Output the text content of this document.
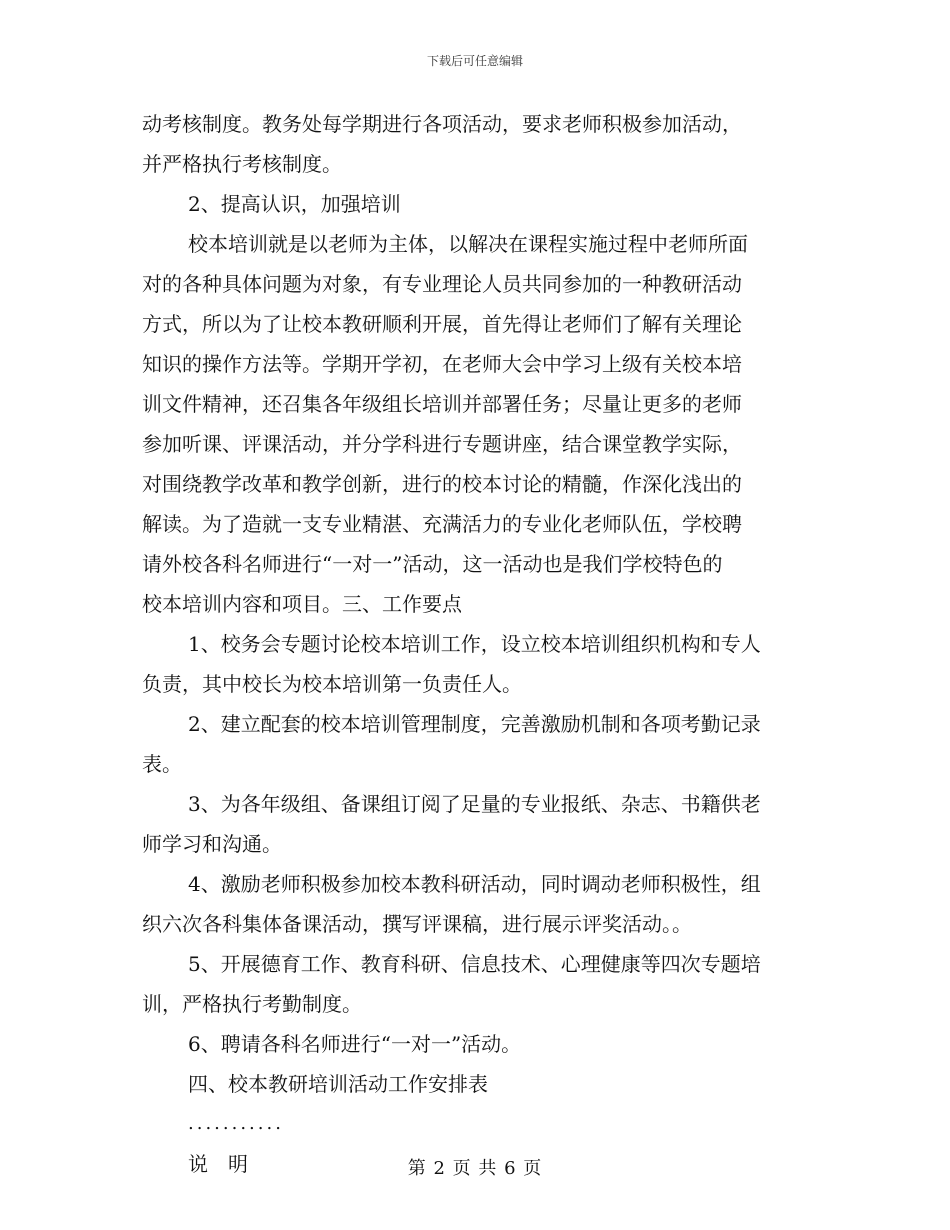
下载后可任意编辑
动考核制度。教务处每学期进行各项活动，要求老师积极参加活动，
并严格执行考核制度。
2、提高认识，加强培训
校本培训就是以老师为主体，以解决在课程实施过程中老师所面
对的各种具体问题为对象，有专业理论人员共同参加的一种教研活动
方式，所以为了让校本教研顺利开展，首先得让老师们了解有关理论
知识的操作方法等。学期开学初，在老师大会中学习上级有关校本培
训文件精神，还召集各年级组长培训并部署任务；尽量让更多的老师
参加听课、评课活动，并分学科进行专题讲座，结合课堂教学实际，
对围绕教学改革和教学创新，进行的校本讨论的精髓，作深化浅出的
解读。为了造就一支专业精湛、充满活力的专业化老师队伍，学校聘
请外校各科名师进行“一对一”活动，这一活动也是我们学校特色的
校本培训内容和项目。三、工作要点
1、校务会专题讨论校本培训工作，设立校本培训组织机构和专人
负责，其中校长为校本培训第一负责任人。
2、建立配套的校本培训管理制度，完善激励机制和各项考勤记录
表。
3、为各年级组、备课组订阅了足量的专业报纸、杂志、书籍供老
师学习和沟通。
4、激励老师积极参加校本教科研活动，同时调动老师积极性，组
织六次各科集体备课活动，撰写评课稿，进行展示评奖活动。。
5、开展德育工作、教育科研、信息技术、心理健康等四次专题培
训，严格执行考勤制度。
6、聘请各科名师进行“一对一”活动。
四、校本教研培训活动工作安排表
...........
说　明	第 2 页 共 6 页
